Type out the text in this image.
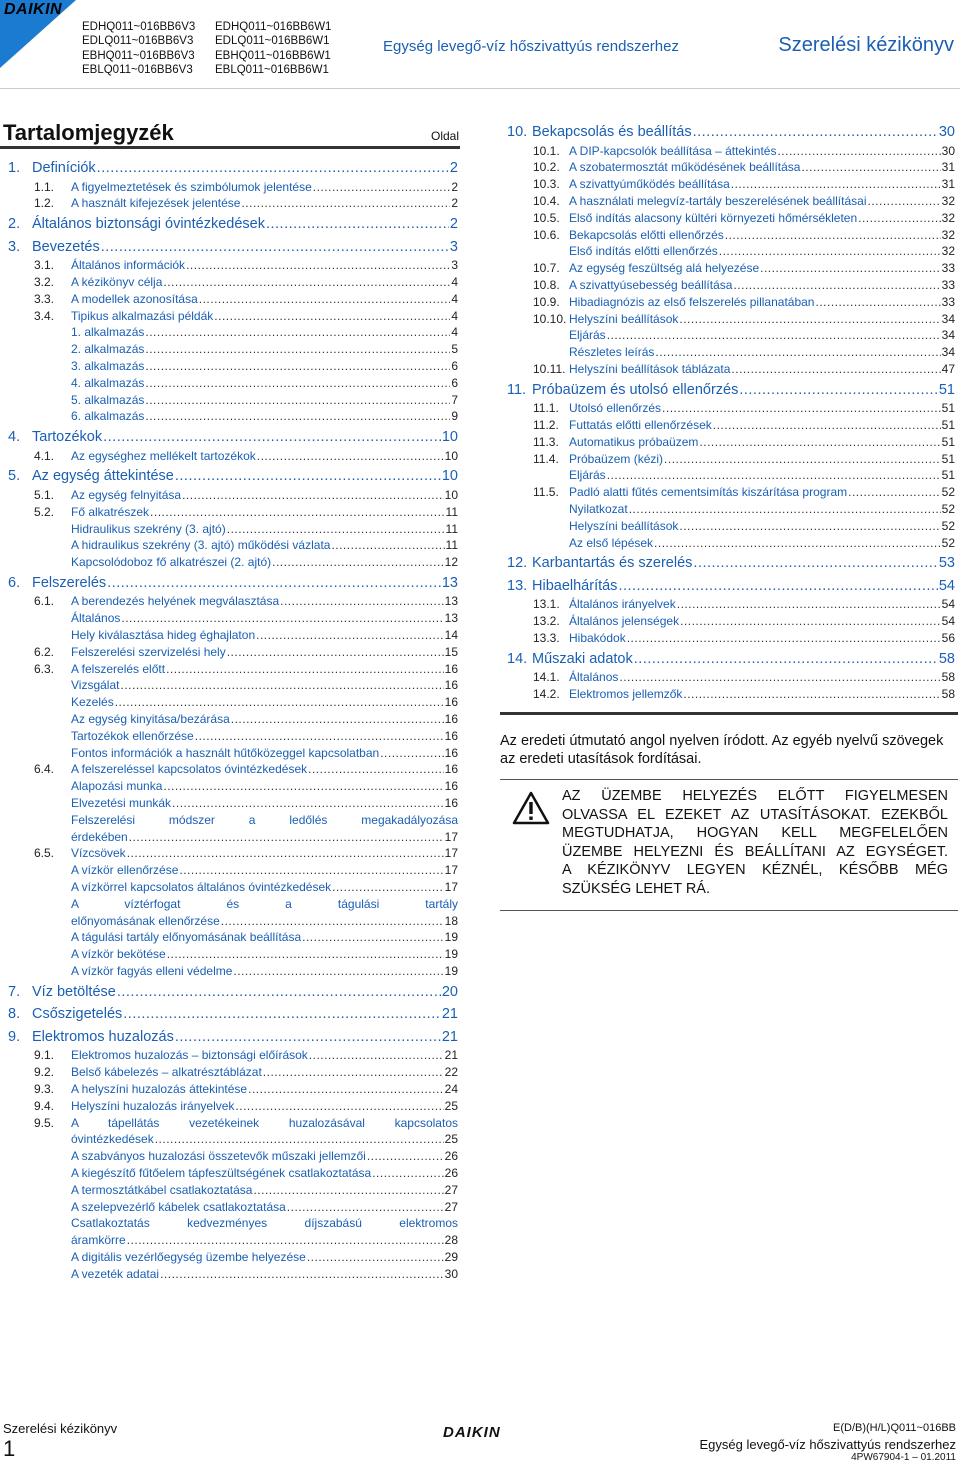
DAIKIN
EDHQ011~016BB6V3
EDLQ011~016BB6V3
EBHQ011~016BB6V3
EBLQ011~016BB6V3
EDHQ011~016BB6W1
EDLQ011~016BB6W1
EBHQ011~016BB6W1
EBLQ011~016BB6W1
Egység levegő-víz hőszivattyús rendszerhez	Szerelési kézikönyv
Tartalomjegyzék	Oldal
1. Definíciók .....	2
1.1.	A figyelmeztetések és szimbólumok jelentése .....	2
1.2.	A használt kifejezések jelentése .....	2
2. Általános biztonsági óvintézkedések .....	2
3. Bevezetés .....	3
3.1.	Általános információk .....	3
3.2.	A kézikönyv célja .....	4
3.3.	A modellek azonosítása .....	4
3.4.	Tipikus alkalmazási példák .....	4
1. alkalmazás .....	4
2. alkalmazás .....	5
3. alkalmazás .....	6
4. alkalmazás .....	6
5. alkalmazás .....	7
6. alkalmazás .....	9
4. Tartozékok .....	10
4.1.	Az egységhez mellékelt tartozékok .....	10
5. Az egység áttekintése .....	10
5.1.	Az egység felnyitása .....	10
5.2.	Fő alkatrészek .....	11
Hidraulikus szekrény (3. ajtó) .....	11
A hidraulikus szekrény (3. ajtó) működési vázlata .....	11
Kapcsolódoboz fő alkatrészei (2. ajtó) .....	12
6. Felszerelés .....	13
6.1.	A berendezés helyének megválasztása .....	13
Általános .....	13
Hely kiválasztása hideg éghajlaton .....	14
6.2.	Felszerelési szervizelési hely .....	15
6.3.	A felszerelés előtt .....	16
Vizsgálat .....	16
Kezelés .....	16
Az egység kinyitása/bezárása .....	16
Tartozékok ellenőrzése .....	16
Fontos információk a használt hűtőközeggel kapcsolatban .....	16
6.4.	A felszereléssel kapcsolatos óvintézkedések .....	16
Alapozási munka .....	16
Elvezetési munkák .....	16
Felszerelési módszer a ledőlés megakadályozása
érdekében .....	17
6.5.	Vízcsövek .....	17
A vízkör ellenőrzése .....	17
A vízkörrel kapcsolatos általános óvintézkedések .....	17
A víztérfogat és a tágulási tartály
előnyomásának ellenőrzése .....	18
A tágulási tartály előnyomásának beállítása .....	19
A vízkör bekötése .....	19
A vízkör fagyás elleni védelme .....	19
7. Víz betöltése .....	20
8. Csőszigetelés .....	21
9. Elektromos huzalozás .....	21
9.1.	Elektromos huzalozás – biztonsági előírások .....	21
9.2.	Belső kábelezés – alkatrésztáblázat .....	22
9.3.	A helyszíni huzalozás áttekintése .....	24
9.4.	Helyszíni huzalozás irányelvek .....	25
9.5. A tápellátás vezetékeinek huzalozásával kapcsolatos
óvintézkedések .....	25
A szabványos huzalozási összetevők műszaki jellemzői .....	26
A kiegészítő fűtőelem tápfeszültségének csatlakoztatása .....	26
A termosztátkábel csatlakoztatása .....	27
A szelepvezérlő kábelek csatlakoztatása .....	27
Csatlakoztatás kedvezményes díjszabású elektromos
áramkörre .....	28
A digitális vezérlőegység üzembe helyezése .....	29
A vezeték adatai .....	30
10. Bekapcsolás és beállítás .....	30
10.1. A DIP-kapcsolók beállítása – áttekintés .....	30
10.2. A szobatermosztát működésének beállítása .....	31
10.3. A szivattyúműködés beállítása .....	31
10.4. A használati melegvíz-tartály beszerelésének beállításai .....	32
10.5. Első indítás alacsony kültéri környezeti hőmérsékleten .....	32
10.6. Bekapcsolás előtti ellenőrzés .....	32
Első indítás előtti ellenőrzés .....	32
10.7. Az egység feszültség alá helyezése .....	33
10.8. A szivattyúsebesség beállítása .....	33
10.9. Hibadiagnózis az első felszerelés pillanatában .....	33
10.10. Helyszíni beállítások .....	34
Eljárás .....	34
Részletes leírás .....	34
10.11. Helyszíni beállítások táblázata .....	47
11. Próbaüzem és utolsó ellenőrzés .....	51
11.1. Utolsó ellenőrzés .....	51
11.2. Futtatás előtti ellenőrzések .....	51
11.3. Automatikus próbaüzem .....	51
11.4. Próbaüzem (kézi) .....	51
Eljárás .....	51
11.5. Padló alatti fűtés cementsimítás kiszárítása program .....	52
Nyilatkozat .....	52
Helyszíni beállítások .....	52
Az első lépések .....	52
12. Karbantartás és szerelés .....	53
13. Hibaelhárítás .....	54
13.1. Általános irányelvek .....	54
13.2. Általános jelenségek .....	54
13.3. Hibakódok .....	56
14. Műszaki adatok .....	58
14.1. Általános .....	58
14.2. Elektromos jellemzők .....	58
Az eredeti útmutató angol nyelven íródott. Az egyéb nyelvű szövegek az eredeti utasítások fordításai.
AZ ÜZEMBE HELYEZÉS ELŐTT FIGYELMESEN
OLVASSA EL EZEKET AZ UTASÍTÁSOKAT. EZEKBŐL
MEGTUDHATJA, HOGYAN KELL MEGFELELŐEN
ÜZEMBE HELYEZNI ÉS BEÁLLÍTANI AZ EGYSÉGET.
A KÉZIKÖNYV LEGYEN KÉZNÉL, KÉSŐBB MÉG
SZÜKSÉG LEHET RÁ.
Szerelési kézikönyv
1
DAIKIN	E(D/B)(H/L)Q011~016BB
Egység levegő-víz hőszivattyús rendszerhez
4PW67904-1 – 01.2011
